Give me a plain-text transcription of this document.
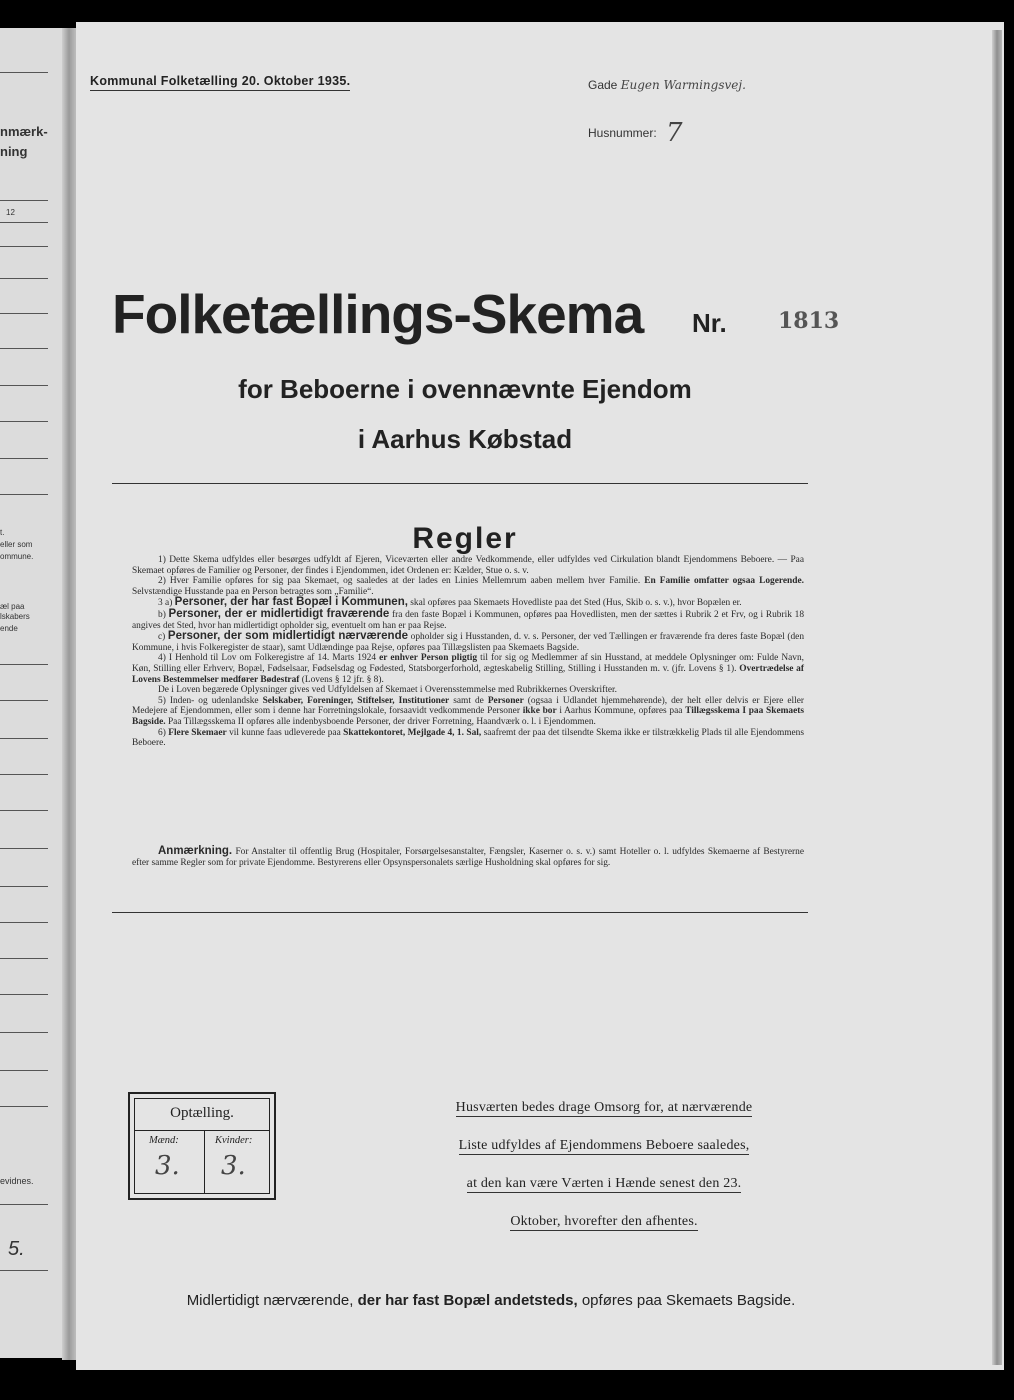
nmærk-
ning
12
t.
eller som
ommune.
æl paa
lskabers
ende
evidnes.
5.
Kommunal Folketælling 20. Oktober 1935.	Gade Eugen Warmingsvej.
Husnummer: 7
Folketællings-Skema	Nr. 1813
for Beboerne i ovennævnte Ejendom
i Aarhus Købstad
Regler

1) Dette Skema udfyldes eller besørges udfyldt af Ejeren, Viceværten eller andre Vedkommende, eller udfyldes ved Cirkulation blandt Ejendommens Beboere. — Paa Skemaet opføres de Familier og Personer, der findes i Ejendommen, idet Ordenen er: Kælder, Stue o. s. v.

2) Hver Familie opføres for sig paa Skemaet, og saaledes at der lades en Linies Mellemrum aaben mellem hver Familie. En Familie omfatter ogsaa Logerende. Selvstændige Husstande paa en Person betragtes som „Familie“.

3 a) Personer, der har fast Bopæl i Kommunen, skal opføres paa Skemaets Hovedliste paa det Sted (Hus, Skib o. s. v.), hvor Bopælen er.

b) Personer, der er midlertidigt fraværende fra den faste Bopæl i Kommunen, opføres paa Hovedlisten, men der sættes i Rubrik 2 et Frv, og i Rubrik 18 angives det Sted, hvor han midlertidigt opholder sig, eventuelt om han er paa Rejse.

c) Personer, der som midlertidigt nærværende opholder sig i Husstanden, d. v. s. Personer, der ved Tællingen er fraværende fra deres faste Bopæl (den Kommune, i hvis Folkeregister de staar), samt Udlændinge paa Rejse, opføres paa Tillægslisten paa Skemaets Bagside.

4) I Henhold til Lov om Folkeregistre af 14. Marts 1924 er enhver Person pligtig til for sig og Medlemmer af sin Husstand, at meddele Oplysninger om: Fulde Navn, Køn, Stilling eller Erhverv, Bopæl, Fødselsaar, Fødselsdag og Fødested, Statsborgerforhold, ægteskabelig Stilling, Stilling i Husstanden m. v. (jfr. Lovens § 1). Overtrædelse af Lovens Bestemmelser medfører Bødestraf (Lovens § 12 jfr. § 8).

De i Loven begærede Oplysninger gives ved Udfyldelsen af Skemaet i Overensstemmelse med Rubrikkernes Overskrifter.

5) Inden- og udenlandske Selskaber, Foreninger, Stiftelser, Institutioner samt de Personer (ogsaa i Udlandet hjemmehørende), der helt eller delvis er Ejere eller Medejere af Ejendommen, eller som i denne har Forretningslokale, forsaavidt vedkommende Personer ikke bor i Aarhus Kommune, opføres paa Tillægsskema I paa Skemaets Bagside. Paa Tillægsskema II opføres alle indenbysboende Personer, der driver Forretning, Haandværk o. l. i Ejendommen.

6) Flere Skemaer vil kunne faas udleverede paa Skattekontoret, Mejlgade 4, 1. Sal, saafremt der paa det tilsendte Skema ikke er tilstrækkelig Plads til alle Ejendommens Beboere.

Anmærkning. For Anstalter til offentlig Brug (Hospitaler, Forsørgelsesanstalter, Fængsler, Kaserner o. s. v.) samt Hoteller o. l. udfyldes Skemaerne af Bestyrerne efter samme Regler som for private Ejendomme. Bestyrerens eller Opsynspersonalets særlige Husholdning skal opføres for sig.
Optælling.
Mænd:	Kvinder:
3. 3.
Husværten bedes drage Omsorg for, at nærværende
Liste udfyldes af Ejendommens Beboere saaledes,
at den kan være Værten i Hænde senest den 23.
Oktober, hvorefter den afhentes.
Midlertidigt nærværende, der har fast Bopæl andetsteds, opføres paa Skemaets Bagside.
